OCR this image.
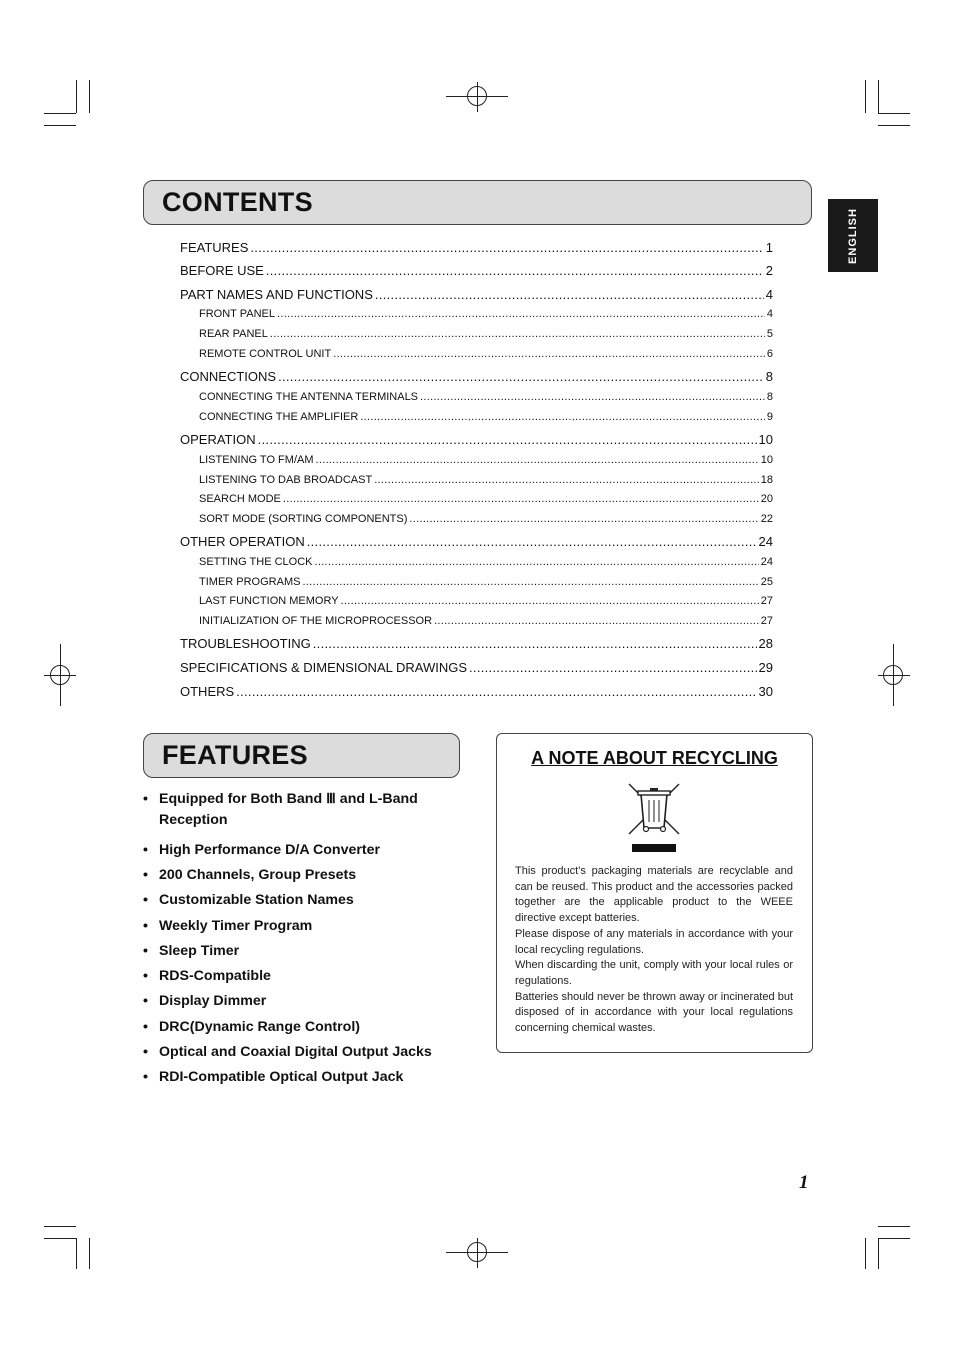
ENGLISH
CONTENTS
FEATURES .....	1
BEFORE USE .....	2
PART NAMES AND FUNCTIONS .....	4
FRONT PANEL .....	4
REAR PANEL .....	5
REMOTE CONTROL UNIT .....	6
CONNECTIONS .....	8
CONNECTING THE ANTENNA TERMINALS .....	8
CONNECTING THE AMPLIFIER .....	9
OPERATION .....	10
LISTENING TO FM/AM .....	10
LISTENING TO DAB BROADCAST .....	18
SEARCH MODE .....	20
SORT MODE (SORTING COMPONENTS) .....	22
OTHER OPERATION .....	24
SETTING THE CLOCK .....	24
TIMER PROGRAMS .....	25
LAST FUNCTION MEMORY .....	27
INITIALIZATION OF THE MICROPROCESSOR .....	27
TROUBLESHOOTING .....	28
SPECIFICATIONS & DIMENSIONAL DRAWINGS .....	29
OTHERS .....	30
FEATURES
• Equipped for Both Band Ⅲ and L-Band Reception
• High Performance D/A Converter
• 200 Channels, Group Presets
• Customizable Station Names
• Weekly Timer Program
• Sleep Timer
• RDS-Compatible
• Display Dimmer
• DRC(Dynamic Range Control)
• Optical and Coaxial Digital Output Jacks
• RDI-Compatible Optical Output Jack
A NOTE ABOUT RECYCLING

This product’s packaging materials are recyclable and can be reused. This product and the accessories packed together are the applicable product to the WEEE directive except batteries.

Please dispose of any materials in accordance with your local recycling regulations.

When discarding the unit, comply with your local rules or regulations.

Batteries should never be thrown away or incinerated but disposed of in accordance with your local regulations concerning chemical wastes.

1
